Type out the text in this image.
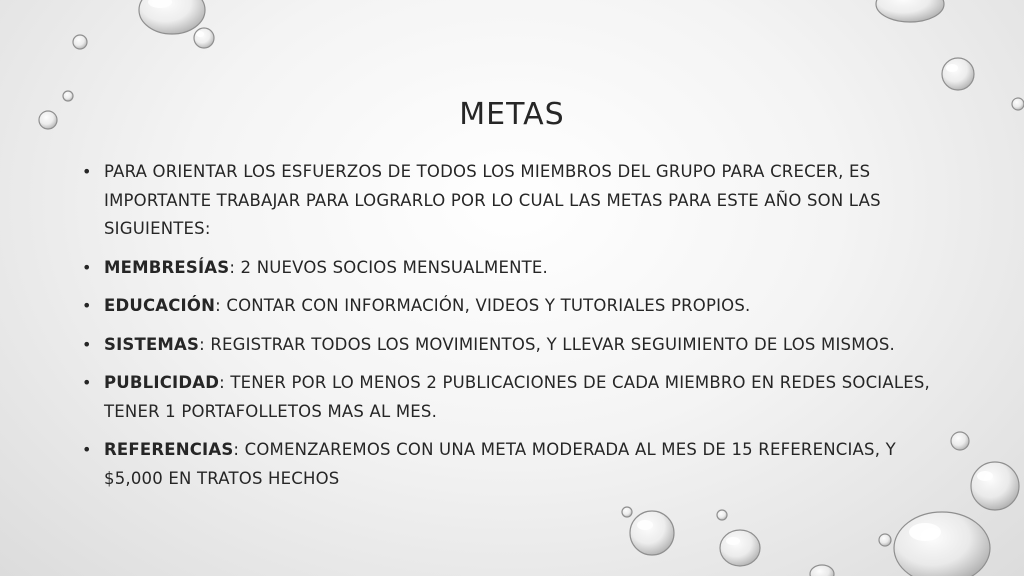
METAS
• PARA ORIENTAR LOS ESFUERZOS DE TODOS LOS MIEMBROS DEL GRUPO PARA CRECER, ES IMPORTANTE TRABAJAR PARA LOGRARLO POR LO CUAL LAS METAS PARA ESTE AÑO SON LAS SIGUIENTES:
• MEMBRESÍAS: 2 NUEVOS SOCIOS MENSUALMENTE.
• EDUCACIÓN: CONTAR CON INFORMACIÓN, VIDEOS Y TUTORIALES PROPIOS.
• SISTEMAS: REGISTRAR TODOS LOS MOVIMIENTOS, Y LLEVAR SEGUIMIENTO DE LOS MISMOS.
• PUBLICIDAD: TENER POR LO MENOS 2 PUBLICACIONES DE CADA MIEMBRO EN REDES SOCIALES, TENER 1 PORTAFOLLETOS MAS AL MES.
• REFERENCIAS: COMENZAREMOS CON UNA META MODERADA AL MES DE 15 REFERENCIAS, Y $5,000 EN TRATOS HECHOS
